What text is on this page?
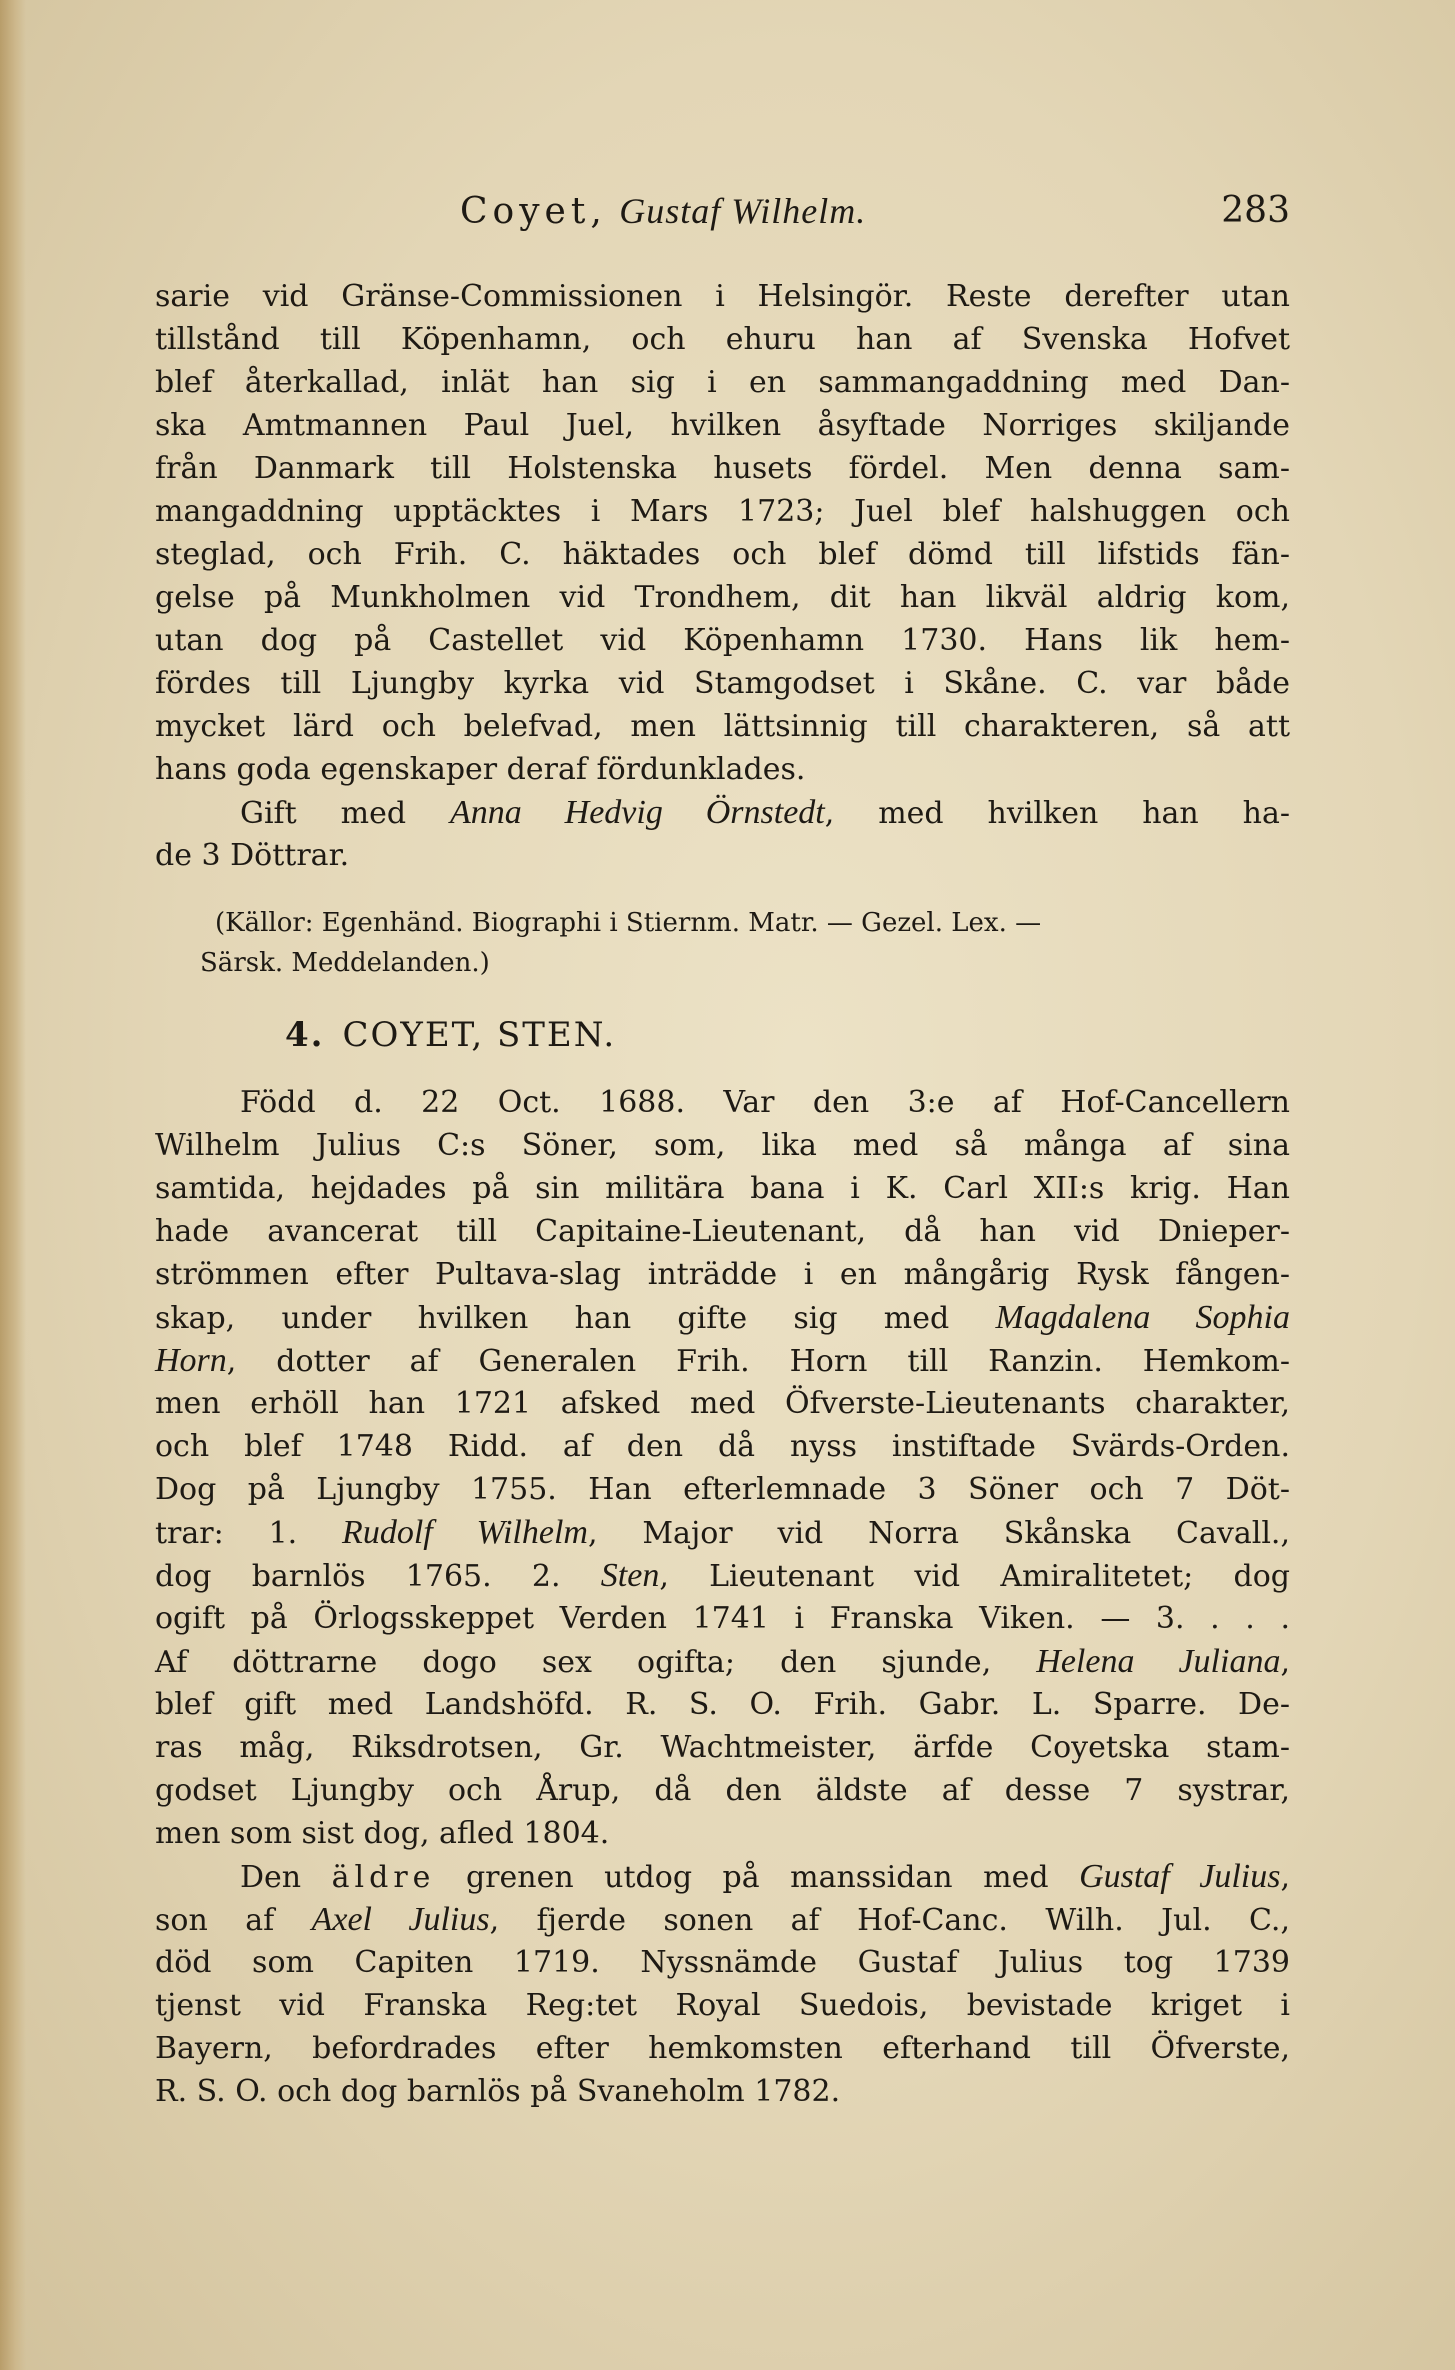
Coyet, Gustaf Wilhelm.	283
sarie vid Gränse-Commissionen i Helsingör. Reste derefter utan
tillstånd till Köpenhamn, och ehuru han af Svenska Hofvet
blef återkallad, inlät han sig i en sammangaddning med Dan-
ska Amtmannen Paul Juel, hvilken åsyftade Norriges skiljande
från Danmark till Holstenska husets fördel. Men denna sam-
mangaddning upptäcktes i Mars 1723; Juel blef halshuggen och
steglad, och Frih. C. häktades och blef dömd till lifstids fän-
gelse på Munkholmen vid Trondhem, dit han likväl aldrig kom,
utan dog på Castellet vid Köpenhamn 1730. Hans lik hem-
fördes till Ljungby kyrka vid Stamgodset i Skåne. C. var både
mycket lärd och belefvad, men lättsinnig till charakteren, så att
hans goda egenskaper deraf fördunklades.
Gift med Anna Hedvig Örnstedt, med hvilken han ha-
de 3 Döttrar.
(Källor: Egenhänd. Biographi i Stiernm. Matr. — Gezel. Lex. —
Särsk. Meddelanden.)
4. COYET, STEN.
Född d. 22 Oct. 1688. Var den 3:e af Hof-Cancellern
Wilhelm Julius C:s Söner, som, lika med så många af sina
samtida, hejdades på sin militära bana i K. Carl XII:s krig. Han
hade avancerat till Capitaine-Lieutenant, då han vid Dnieper-
strömmen efter Pultava-slag inträdde i en mångårig Rysk fången-
skap, under hvilken han gifte sig med Magdalena Sophia
Horn, dotter af Generalen Frih. Horn till Ranzin. Hemkom-
men erhöll han 1721 afsked med Öfverste-Lieutenants charakter,
och blef 1748 Ridd. af den då nyss instiftade Svärds-Orden.
Dog på Ljungby 1755. Han efterlemnade 3 Söner och 7 Döt-
trar: 1. Rudolf Wilhelm, Major vid Norra Skånska Cavall.,
dog barnlös 1765. 2. Sten, Lieutenant vid Amiralitetet; dog
ogift på Örlogsskeppet Verden 1741 i Franska Viken. — 3. . . .
Af döttrarne dogo sex ogifta; den sjunde, Helena Juliana,
blef gift med Landshöfd. R. S. O. Frih. Gabr. L. Sparre. De-
ras måg, Riksdrotsen, Gr. Wachtmeister, ärfde Coyetska stam-
godset Ljungby och Årup, då den äldste af desse 7 systrar,
men som sist dog, afled 1804.
Den äldre grenen utdog på manssidan med Gustaf Julius,
son af Axel Julius, fjerde sonen af Hof-Canc. Wilh. Jul. C.,
död som Capiten 1719. Nyssnämde Gustaf Julius tog 1739
tjenst vid Franska Reg:tet Royal Suedois, bevistade kriget i
Bayern, befordrades efter hemkomsten efterhand till Öfverste,
R. S. O. och dog barnlös på Svaneholm 1782.
